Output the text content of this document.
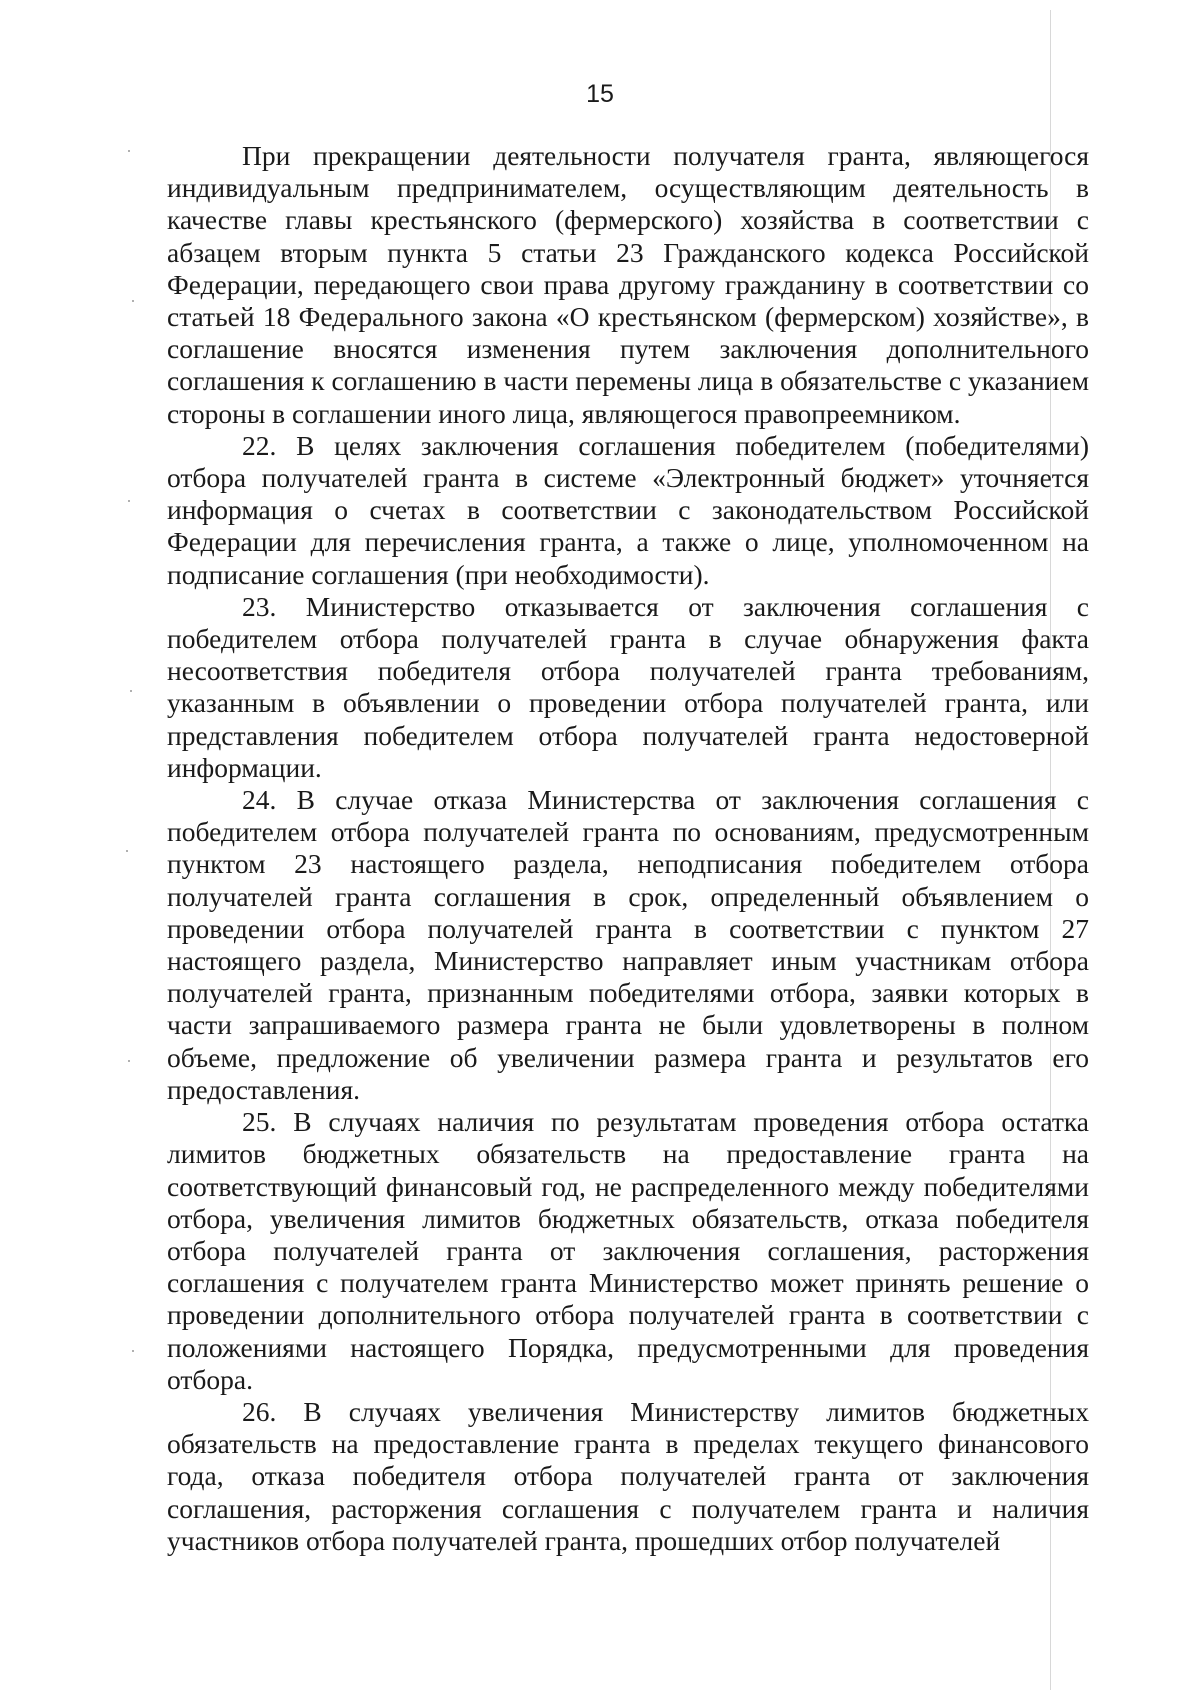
15

При прекращении деятельности получателя гранта, являющегося индивидуальным предпринимателем, осуществляющим деятельность в качестве главы крестьянского (фермерского) хозяйства в соответствии с абзацем вторым пункта 5 статьи 23 Гражданского кодекса Российской Федерации, передающего свои права другому гражданину в соответствии со статьей 18 Федерального закона «О крестьянском (фермерском) хозяйстве», в соглашение вносятся изменения путем заключения дополнительного соглашения к соглашению в части перемены лица в обязательстве с указанием стороны в соглашении иного лица, являющегося правопреемником.

22. В целях заключения соглашения победителем (победителями) отбора получателей гранта в системе «Электронный бюджет» уточняется информация о счетах в соответствии с законодательством Российской Федерации для перечисления гранта, а также о лице, уполномоченном на подписание соглашения (при необходимости).

23. Министерство отказывается от заключения соглашения с победителем отбора получателей гранта в случае обнаружения факта несоответствия победителя отбора получателей гранта требованиям, указанным в объявлении о проведении отбора получателей гранта, или представления победителем отбора получателей гранта недостоверной информации.

24. В случае отказа Министерства от заключения соглашения с победителем отбора получателей гранта по основаниям, предусмотренным пунктом 23 настоящего раздела, неподписания победителем отбора получателей гранта соглашения в срок, определенный объявлением о проведении отбора получателей гранта в соответствии с пунктом 27 настоящего раздела, Министерство направляет иным участникам отбора получателей гранта, признанным победителями отбора, заявки которых в части запрашиваемого размера гранта не были удовлетворены в полном объеме, предложение об увеличении размера гранта и результатов его предоставления.

25. В случаях наличия по результатам проведения отбора остатка лимитов бюджетных обязательств на предоставление гранта на соответствующий финансовый год, не распределенного между победителями отбора, увеличения лимитов бюджетных обязательств, отказа победителя отбора получателей гранта от заключения соглашения, расторжения соглашения с получателем гранта Министерство может принять решение о проведении дополнительного отбора получателей гранта в соответствии с положениями настоящего Порядка, предусмотренными для проведения отбора.

26. В случаях увеличения Министерству лимитов бюджетных обязательств на предоставление гранта в пределах текущего финансового года, отказа победителя отбора получателей гранта от заключения соглашения, расторжения соглашения с получателем гранта и наличия участников отбора получателей гранта, прошедших отбор получателей
